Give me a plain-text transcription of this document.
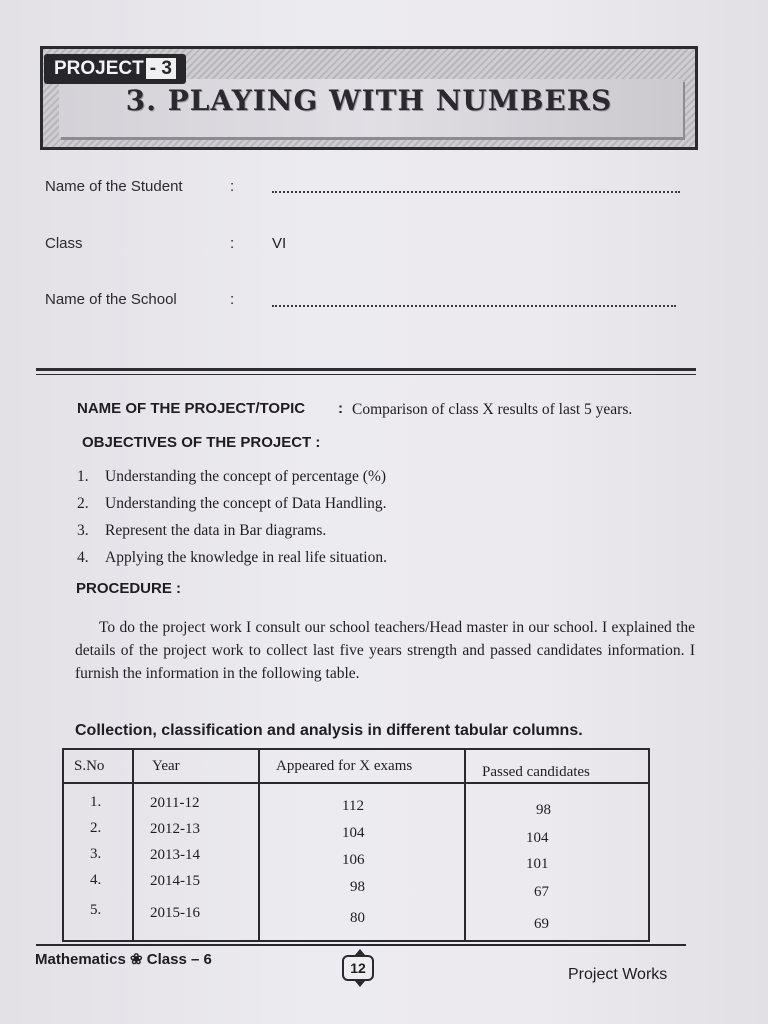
PROJECT - 3
3. PLAYING WITH NUMBERS
Name of the Student	:
Class	:	VI
Name of the School	:
NAME OF THE PROJECT/TOPIC : Comparison of class X results of last 5 years.
OBJECTIVES OF THE PROJECT :
1. Understanding the concept of percentage (%)
2. Understanding the concept of Data Handling.
3. Represent the data in Bar diagrams.
4. Applying the knowledge in real life situation.
PROCEDURE :
To do the project work I consult our school teachers/Head master in our school. I explained the details of the project work to collect last five years strength and passed candidates information. I furnish the information in the following table.
Collection, classification and analysis in different tabular columns.
S.No	Year	Appeared for X exams	Passed candidates
1.	2011-12	112	98
2.	2012-13	104	104
3.	2013-14	106	101
4.	2014-15	98	67
5.	2015-16	80	69
Mathematics ❀ Class – 6	12	Project Works
